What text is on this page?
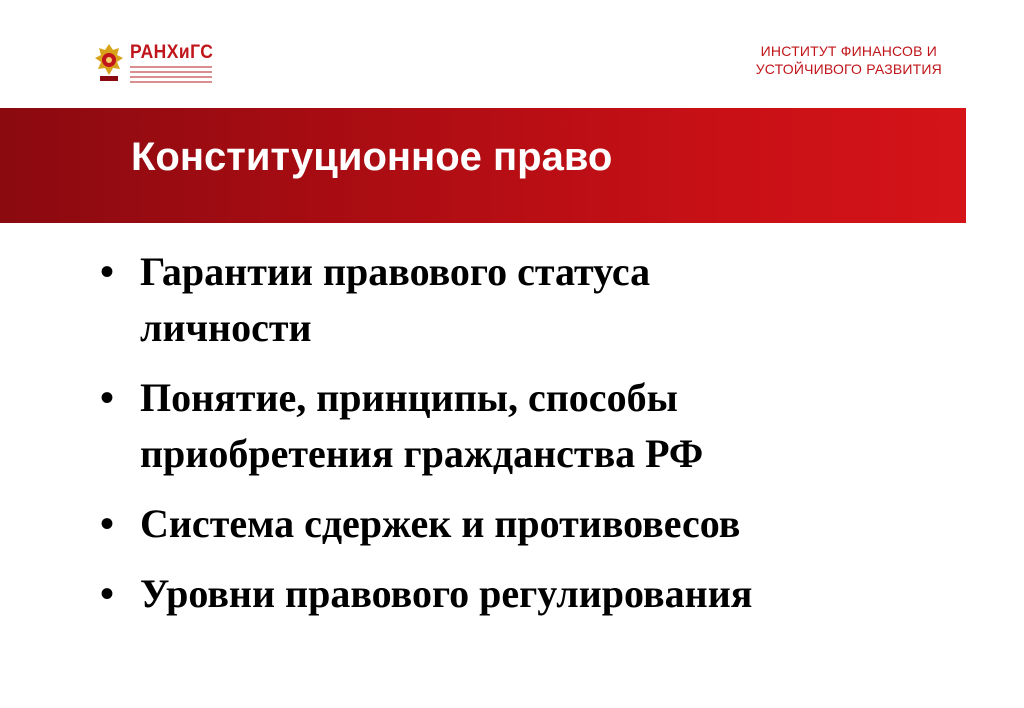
РАНХиГС	ИНСТИТУТ ФИНАНСОВ И
УСТОЙЧИВОГО РАЗВИТИЯ
Конституционное право
• Гарантии правового статуса
личности
• Понятие, принципы, способы
приобретения гражданства РФ
• Система сдержек и противовесов
• Уровни правового регулирования
